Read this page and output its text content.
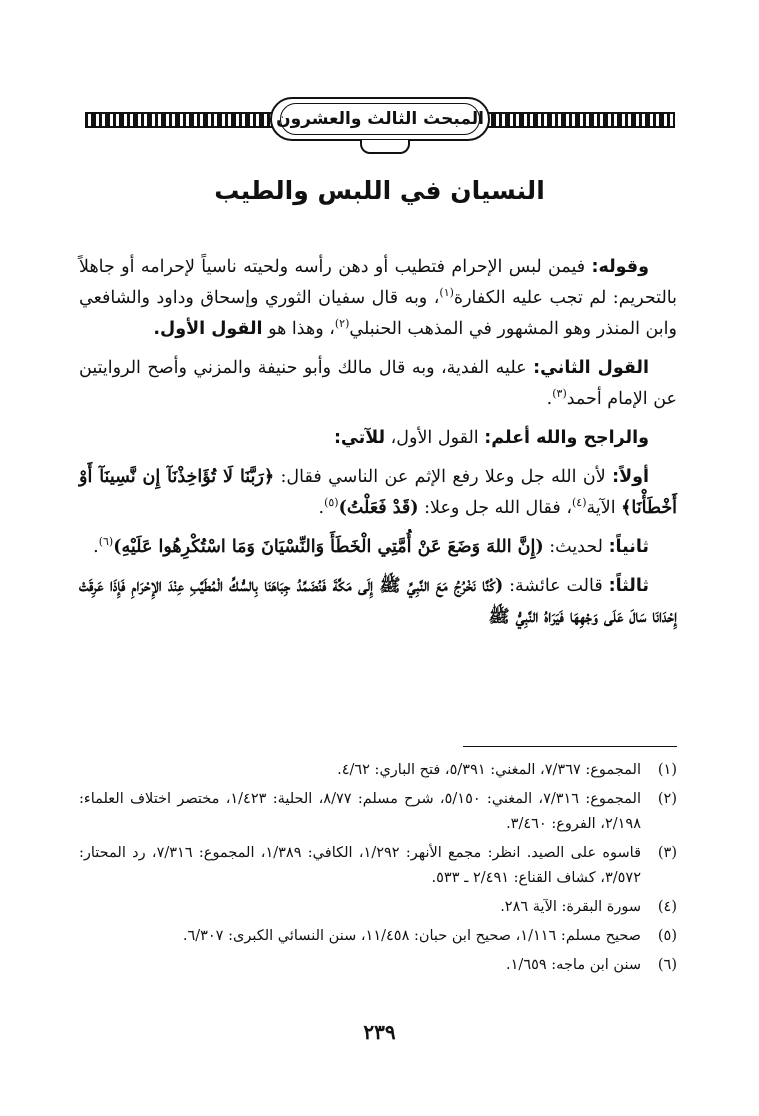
المبحث الثالث والعشرون
النسيان في اللبس والطيب

وقوله: فيمن لبس الإحرام فتطيب أو دهن رأسه ولحيته ناسياً لإحرامه أو جاهلاً بالتحريم: لم تجب عليه الكفارة$^{(١)}$، وبه قال سفيان الثوري وإسحاق وداود والشافعي وابن المنذر وهو المشهور في المذهب الحنبلي$^{(٢)}$، وهذا هو القول الأول.

القول الثاني: عليه الفدية، وبه قال مالك وأبو حنيفة والمزني وأصح الروايتين عن الإمام أحمد$^{(٣)}$.

والراجح والله أعلم: القول الأول، للآتي:

أولاً: لأن الله جل وعلا رفع الإثم عن الناسي فقال: ﴿رَبَّنَا لَا تُؤَاخِذْنَآ إِن نَّسِينَآ أَوْ أَخْطَأْنَا﴾ الآية$^{(٤)}$، فقال الله جل وعلا: (قَدْ فَعَلْتُ)$^{(٥)}$.

ثانياً: لحديث: (إِنَّ اللهَ وَضَعَ عَنْ أُمَّتِي الْخَطَأَ وَالنِّسْيَانَ وَمَا اسْتُكْرِهُوا عَلَيْهِ)$^{(٦)}$.

ثالثاً: قالت عائشة: (كُنَّا نَخْرُجُ مَعَ النَّبِيِّ ﷺ إِلَى مَكَّةَ فَنُضَمِّدُ جِبَاهَنَا بِالسُّكِّ الْمُطَيَّبِ عِنْدَ الإِحْرَامِ فَإِذَا عَرِقَتْ إِحْدَانَا سَالَ عَلَى وَجْهِهَا فَيَرَاهُ النَّبِيُّ ﷺ

(١)
المجموع: ٧/٣٦٧، المغني: ٥/٣٩١، فتح الباري: ٤/٦٢.
(٢)
المجموع: ٧/٣١٦، المغني: ٥/١٥٠، شرح مسلم: ٨/٧٧، الحلية: ١/٤٢٣، مختصر اختلاف العلماء: ٢/١٩٨، الفروع: ٣/٤٦٠.
(٣)
قاسوه على الصيد. انظر: مجمع الأنهر: ١/٢٩٢، الكافي: ١/٣٨٩، المجموع: ٧/٣١٦، رد المحتار: ٣/٥٧٢، كشاف القناع: ٢/٤٩١ ـ ٥٣٣.
(٤)
سورة البقرة: الآية ٢٨٦.
(٥)
صحيح مسلم: ١/١١٦، صحيح ابن حبان: ١١/٤٥٨، سنن النسائي الكبرى: ٦/٣٠٧.
(٦)
سنن ابن ماجه: ١/٦٥٩.

٢٣٩
